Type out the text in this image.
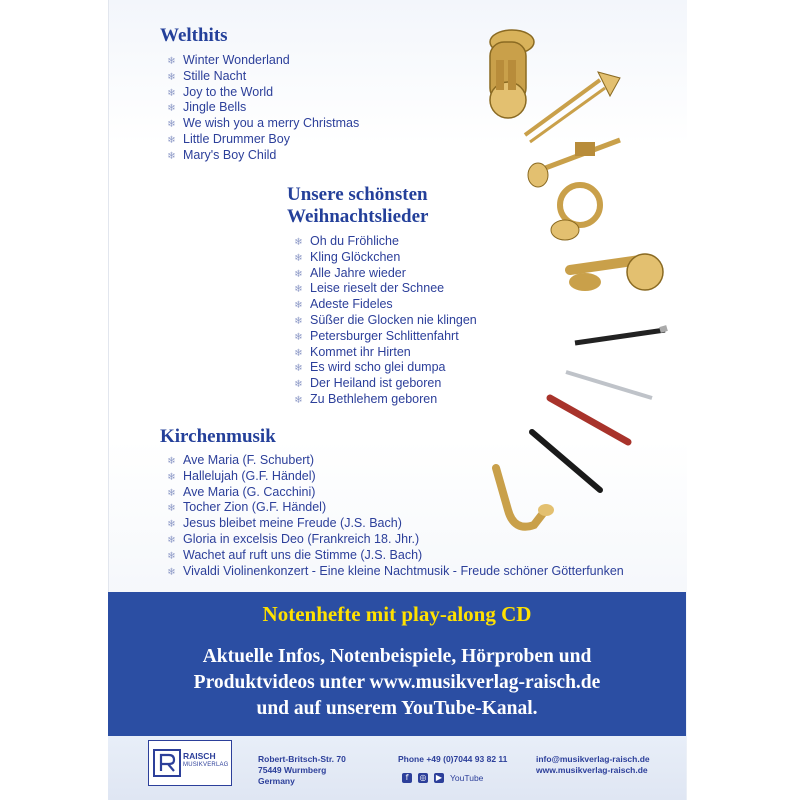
Welthits
❄ Winter Wonderland
❄ Stille Nacht
❄ Joy to the World
❄ Jingle Bells
❄ We wish you a merry Christmas
❄ Little Drummer Boy
❄ Mary's Boy Child
Unsere schönsten
Weihnachtslieder
❄ Oh du Fröhliche
❄ Kling Glöckchen
❄ Alle Jahre wieder
❄ Leise rieselt der Schnee
❄ Adeste Fideles
❄ Süßer die Glocken nie klingen
❄ Petersburger Schlittenfahrt
❄ Kommet ihr Hirten
❄ Es wird scho glei dumpa
❄ Der Heiland ist geboren
❄ Zu Bethlehem geboren
Kirchenmusik
❄ Ave Maria (F. Schubert)
❄ Hallelujah (G.F. Händel)
❄ Ave Maria (G. Cacchini)
❄ Tocher Zion (G.F. Händel)
❄ Jesus bleibet meine Freude (J.S. Bach)
❄ Gloria in excelsis Deo (Frankreich 18. Jhr.)
❄ Wachet auf ruft uns die Stimme (J.S. Bach)
❄ Vivaldi Violinenkonzert - Eine kleine Nachtmusik - Freude schöner Götterfunken
Notenhefte mit play-along CD
Aktuelle Infos, Notenbeispiele, Hörproben und
Produktvideos unter www.musikverlag-raisch.de
und auf unserem YouTube-Kanal.
RAISCH
MUSIKVERLAG
Robert-Britsch-Str. 70
75449 Wurmberg
Germany
Phone +49 (0)7044 93 82 11
f	◎ ▶ YouTube
info@musikverlag-raisch.de
www.musikverlag-raisch.de
